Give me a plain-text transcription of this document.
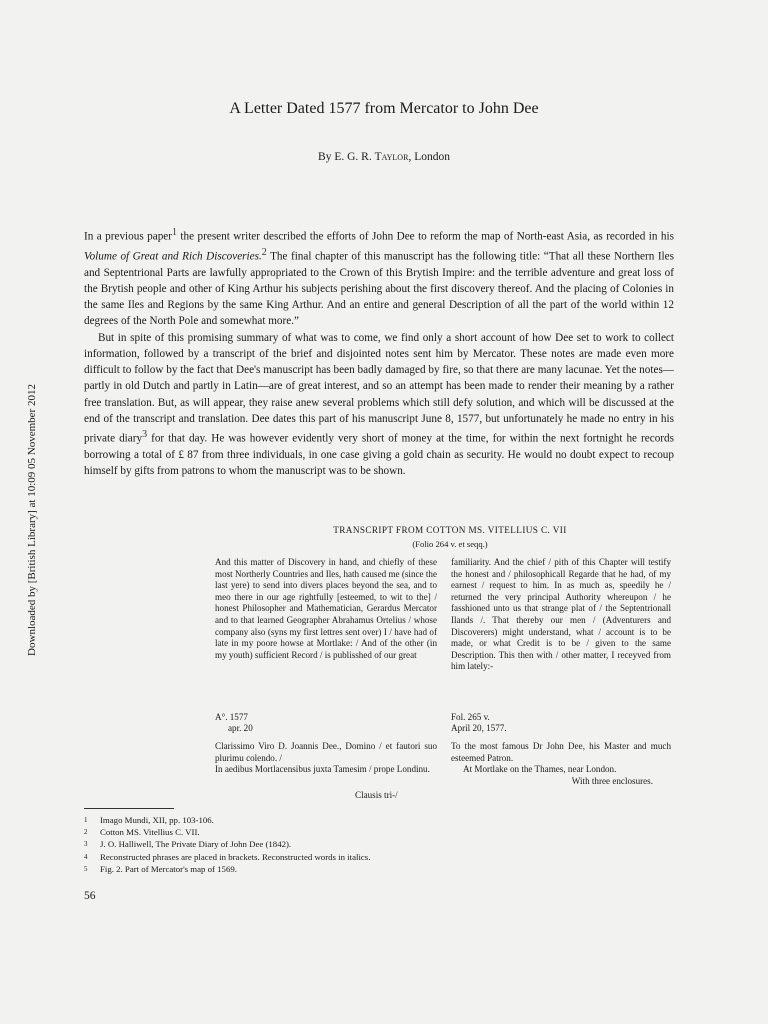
Downloaded by [British Library] at 10:09 05 November 2012
A Letter Dated 1577 from Mercator to John Dee
By E. G. R. Taylor, London

In a previous paper$^1$ the present writer described the efforts of John Dee to reform the map of North-east Asia, as recorded in his Volume of Great and Rich Discoveries.$^2$ The final chapter of this manuscript has the following title: “That all these Northern Iles and Septentrional Parts are lawfully appropriated to the Crown of this Brytish Impire: and the terrible adventure and great loss of the Brytish people and other of King Arthur his subjects perishing about the first discovery thereof. And the placing of Colonies in the same Iles and Regions by the same King Arthur. And an entire and general Description of all the part of the world within 12 degrees of the North Pole and somewhat more.”

But in spite of this promising summary of what was to come, we find only a short account of how Dee set to work to collect information, followed by a transcript of the brief and disjointed notes sent him by Mercator. These notes are made even more difficult to follow by the fact that Dee's manuscript has been badly damaged by fire, so that there are many lacunae. Yet the notes—partly in old Dutch and partly in Latin—are of great interest, and so an attempt has been made to render their meaning by a rather free translation. But, as will appear, they raise anew several problems which still defy solution, and which will be discussed at the end of the transcript and translation. Dee dates this part of his manuscript June 8, 1577, but unfortunately he made no entry in his private diary$^3$ for that day. He was however evidently very short of money at the time, for within the next fortnight he records borrowing a total of £ 87 from three individuals, in one case giving a gold chain as security. He would no doubt expect to recoup himself by gifts from patrons to whom the manuscript was to be shown.

TRANSCRIPT FROM COTTON MS. VITELLIUS C. VII
(Folio 264 v. et seqq.)

And this matter of Discovery in hand, and chiefly of these most Northerly Countries and Iles, hath caused me (since the last yere) to send into divers places beyond the sea, and to meo there in our age rightfully [esteemed, to wit to the] / honest Philosopher and Mathematician, Gerardus Mercator and to that learned Geographer Abrahamus Ortelius / whose company also (syns my first lettres sent over) I / have had of late in my poore howse at Mortlake: / And of the other (in my youth) sufficient Record / is publisshed of our great

familiarity. And the chief / pith of this Chapter will testify the honest and / philosophicall Regarde that he had, of my earnest / request to him. In as much as, speedily he / returned the very principal Authority whereupon / he fasshioned unto us that strange plat of / the Septentrionall Ilands /. That thereby our men / (Adventurers and Discoverers) might understand, what / account is to be made, or what Credit is to be / given to the same Description. This then with / other matter, I receyved from him lately:-

A°. 1577
apr. 20

Clarissimo Viro D. Joannis Dee., Domino / et fautori suo plurimu colendo. /

In aedibus Mortlacensibus juxta Tamesim / prope Londinu.

Clausis tri-/
Fol. 265 v.
April 20, 1577.

To the most famous Dr John Dee, his Master and much esteemed Patron.

At Mortlake on the Thames, near London.

With three enclosures.

$^1$ Imago Mundi, XII, pp. 103-106.
$^2$ Cotton MS. Vitellius C. VII.
$^3$ J. O. Halliwell, The Private Diary of John Dee (1842).
$^4$ Reconstructed phrases are placed in brackets. Reconstructed words in italics.
$^5$ Fig. 2. Part of Mercator's map of 1569.
56
